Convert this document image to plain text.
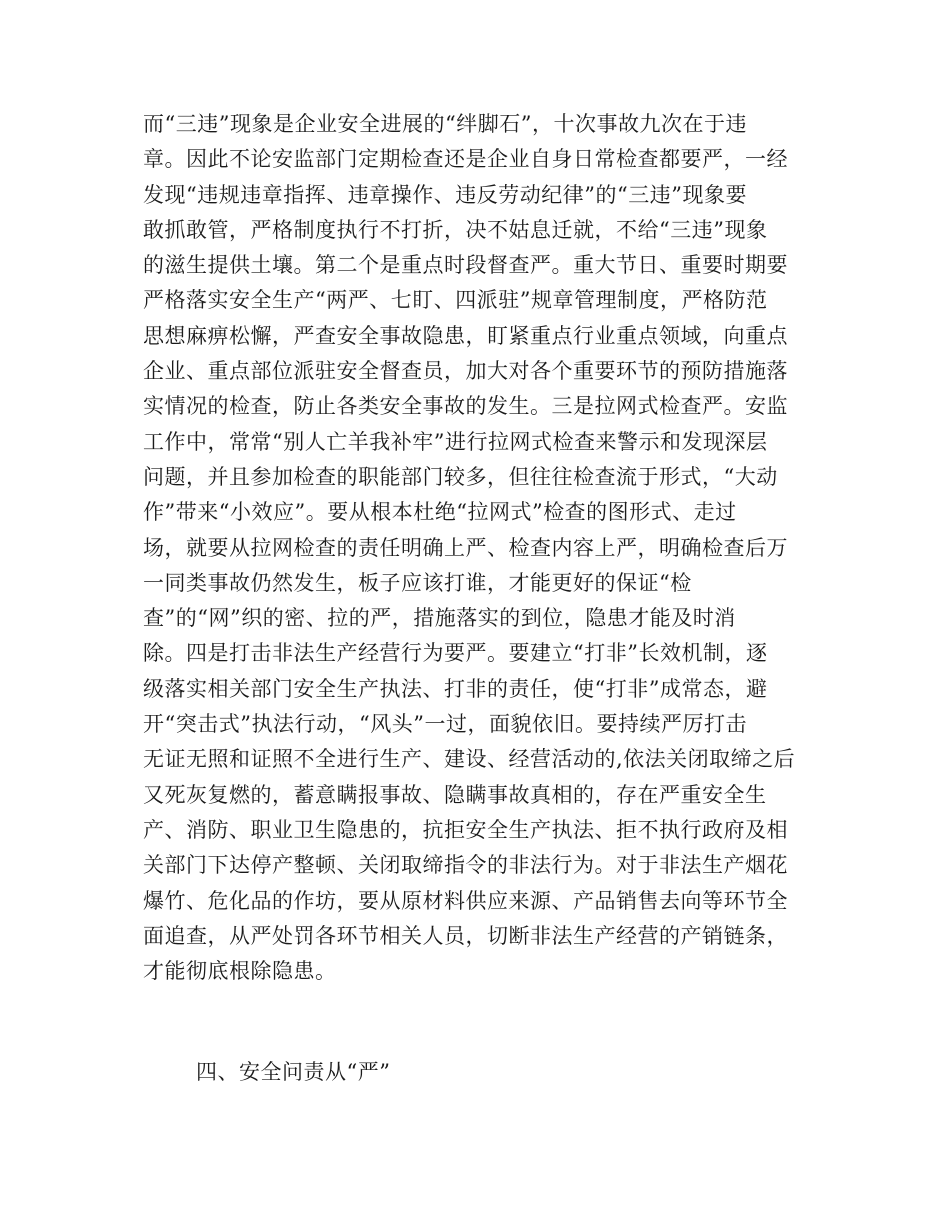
而“三违”现象是企业安全进展的“绊脚石”，十次事故九次在于违
章。因此不论安监部门定期检查还是企业自身日常检查都要严，一经
发现“违规违章指挥、违章操作、违反劳动纪律”的“三违”现象要
敢抓敢管，严格制度执行不打折，决不姑息迁就，不给“三违”现象
的滋生提供土壤。第二个是重点时段督查严。重大节日、重要时期要
严格落实安全生产“两严、七盯、四派驻”规章管理制度，严格防范
思想麻痹松懈，严查安全事故隐患，盯紧重点行业重点领域，向重点
企业、重点部位派驻安全督查员，加大对各个重要环节的预防措施落
实情况的检查，防止各类安全事故的发生。三是拉网式检查严。安监
工作中，常常“别人亡羊我补牢”进行拉网式检查来警示和发现深层
问题，并且参加检查的职能部门较多，但往往检查流于形式，“大动
作”带来“小效应”。要从根本杜绝“拉网式”检查的图形式、走过
场，就要从拉网检查的责任明确上严、检查内容上严，明确检查后万
一同类事故仍然发生，板子应该打谁，才能更好的保证“检
查”的“网”织的密、拉的严，措施落实的到位，隐患才能及时消
除。四是打击非法生产经营行为要严。要建立“打非”长效机制，逐
级落实相关部门安全生产执法、打非的责任，使“打非”成常态，避
开“突击式”执法行动，“风头”一过，面貌依旧。要持续严厉打击
无证无照和证照不全进行生产、建设、经营活动的,依法关闭取缔之后
又死灰复燃的，蓄意瞒报事故、隐瞒事故真相的，存在严重安全生
产、消防、职业卫生隐患的，抗拒安全生产执法、拒不执行政府及相
关部门下达停产整顿、关闭取缔指令的非法行为。对于非法生产烟花
爆竹、危化品的作坊，要从原材料供应来源、产品销售去向等环节全
面追查，从严处罚各环节相关人员，切断非法生产经营的产销链条，
才能彻底根除隐患。
四、安全问责从“严”
